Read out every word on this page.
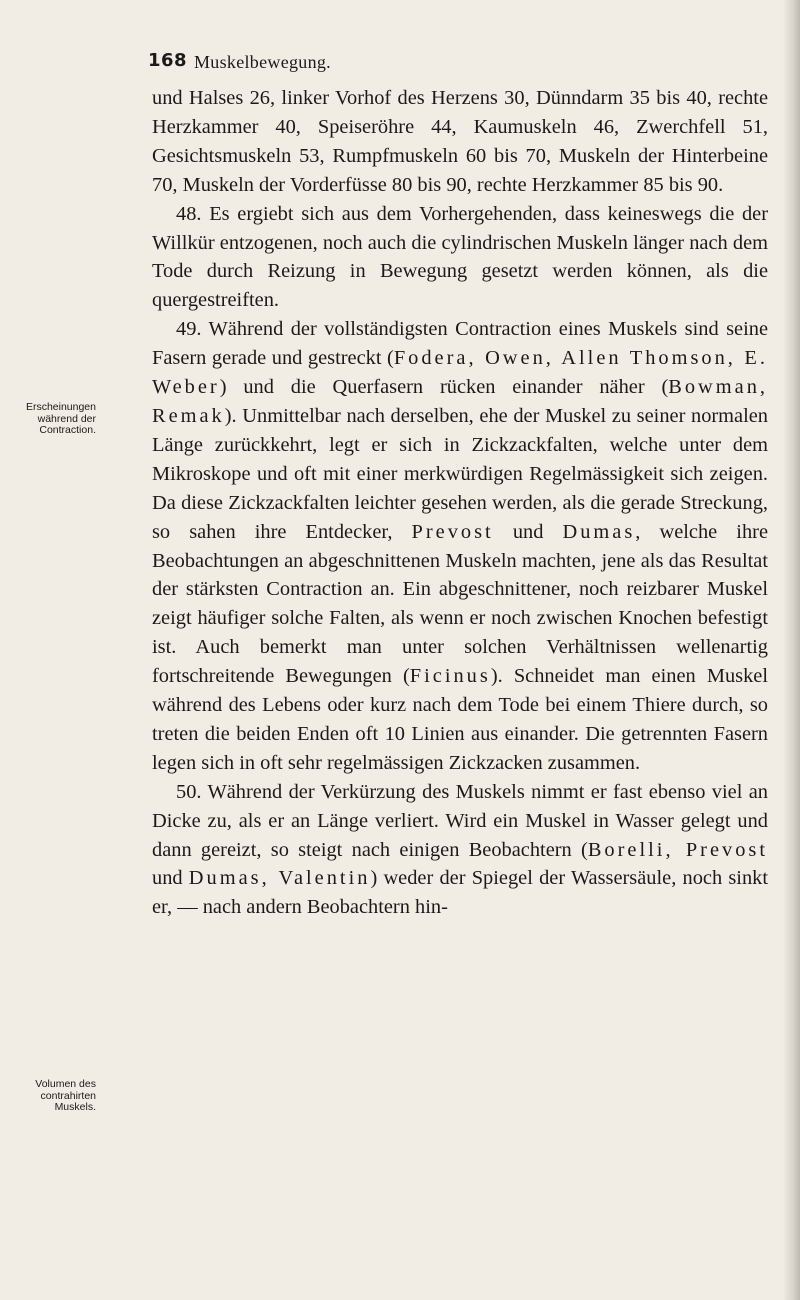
168 Muskelbewegung.
Erscheinungen während der Contraction.
Volumen des contrahirten Muskels.

und Halses 26, linker Vorhof des Herzens 30, Dünndarm 35 bis 40, rechte Herzkammer 40, Speiseröhre 44, Kaumuskeln 46, Zwerchfell 51, Gesichtsmuskeln 53, Rumpfmuskeln 60 bis 70, Muskeln der Hinterbeine 70, Muskeln der Vorderfüsse 80 bis 90, rechte Herzkammer 85 bis 90.

48. Es ergiebt sich aus dem Vorhergehenden, dass keineswegs die der Willkür entzogenen, noch auch die cylindrischen Muskeln länger nach dem Tode durch Reizung in Bewegung gesetzt werden können, als die quergestreiften.

49. Während der vollständigsten Contraction eines Muskels sind seine Fasern gerade und gestreckt (Fodera, Owen, Allen Thomson, E. Weber) und die Querfasern rücken einander näher (Bowman, Remak). Unmittelbar nach derselben, ehe der Muskel zu seiner normalen Länge zurückkehrt, legt er sich in Zickzackfalten, welche unter dem Mikroskope und oft mit einer merkwürdigen Regelmässigkeit sich zeigen. Da diese Zickzackfalten leichter gesehen werden, als die gerade Streckung, so sahen ihre Entdecker, Prevost und Dumas, welche ihre Beobachtungen an abgeschnittenen Muskeln machten, jene als das Resultat der stärksten Contraction an. Ein abgeschnittener, noch reizbarer Muskel zeigt häufiger solche Falten, als wenn er noch zwischen Knochen befestigt ist. Auch bemerkt man unter solchen Verhältnissen wellenartig fortschreitende Bewegungen (Ficinus). Schneidet man einen Muskel während des Lebens oder kurz nach dem Tode bei einem Thiere durch, so treten die beiden Enden oft 10 Linien aus einander. Die getrennten Fasern legen sich in oft sehr regelmässigen Zickzacken zusammen.

50. Während der Verkürzung des Muskels nimmt er fast ebenso viel an Dicke zu, als er an Länge verliert. Wird ein Muskel in Wasser gelegt und dann gereizt, so steigt nach einigen Beobachtern (Borelli, Prevost und Dumas, Valentin) weder der Spiegel der Wassersäule, noch sinkt er, — nach andern Beobachtern hin-
